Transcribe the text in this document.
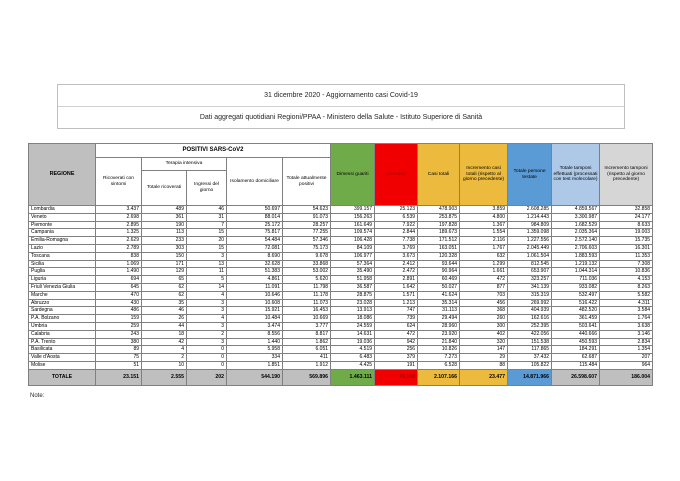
31 dicembre 2020 - Aggiornamento casi Covid-19
Dati aggregati quotidiani Regioni/PPAA - Ministero della Salute - Istituto Superiore di Sanità
REGIONE	POSITIVI SARS-CoV2					Dimessi guariti	Deceduti	Casi totali	Incremento casi totali (rispetto al giorno precedente)	Totale persone testate	Totale tamponi effettuati (processati con test molecolare)	Incremento tamponi (rispetto al giorno precedente)
	Ricoverati con sintomi	Terapia intensiva		Isolamento domiciliare	Totale attualmente positivi							
		Totale ricoverati	Ingressi del giorno									
Lombardia	3.437	489	46	50.697	54.623	399.157	25.123	478.903	3.859	2.608.285	4.859.567	32.858
Veneto	2.698	361	31	88.014	91.073	156.263	6.539	253.875	4.800	1.214.443	3.300.987	24.177
Piemonte	2.895	190	7	25.172	28.257	161.649	7.922	197.828	1.367	984.809	1.682.529	8.633
Campania	1.325	113	15	75.817	77.255	109.574	2.844	189.673	1.554	1.359.098	2.035.364	19.003
Emilia-Romagna	2.629	233	20	54.484	57.346	106.428	7.738	171.512	2.116	1.227.556	2.572.140	15.735
Lazio	2.789	303	15	72.081	75.173	84.109	3.769	163.051	1.767	2.045.449	2.706.603	16.301
Toscana	838	150	3	8.690	9.678	106.977	3.673	120.328	632	1.061.504	1.883.593	11.353
Sicilia	1.069	171	13	32.628	33.868	57.364	2.412	93.644	1.299	812.545	1.219.132	7.308
Puglia	1.490	129	11	51.383	53.002	35.490	2.472	90.964	1.661	653.907	1.044.314	10.836
Liguria	694	65	5	4.861	5.620	51.958	2.891	60.469	472	323.257	711.036	4.153
Friuli Venezia Giulia	645	62	14	11.091	11.798	36.587	1.642	50.027	877	341.139	933.082	8.263
Marche	470	62	4	10.646	11.178	28.875	1.571	41.624	703	315.319	532.497	5.582
Abruzzo	430	35	3	10.608	11.073	23.028	1.213	35.314	456	269.992	516.422	4.311
Sardegna	486	46	3	15.921	16.453	13.913	747	31.113	368	404.939	482.520	3.584
P.A. Bolzano	159	26	4	10.484	10.669	18.086	739	29.494	260	162.616	361.459	1.764
Umbria	259	44	3	3.474	3.777	24.559	624	28.960	300	252.395	503.641	3.638
Calabria	243	18	2	8.556	8.817	14.631	472	23.920	402	422.056	440.666	3.146
P.A. Trento	380	42	3	1.440	1.862	19.036	942	21.840	320	151.538	450.593	2.834
Basilicata	89	4	0	5.958	6.051	4.519	256	10.826	147	117.865	184.291	1.354
Valle d'Aosta	75	2	0	334	411	6.483	379	7.273	29	37.432	62.687	207
Molise	51	10	0	1.851	1.912	4.425	191	6.528	88	105.822	115.484	964
TOTALE	23.151	2.555	202	544.190	569.896	1.463.111	74.159	2.107.166	23.477	14.871.966	26.598.607	186.004
Note:
